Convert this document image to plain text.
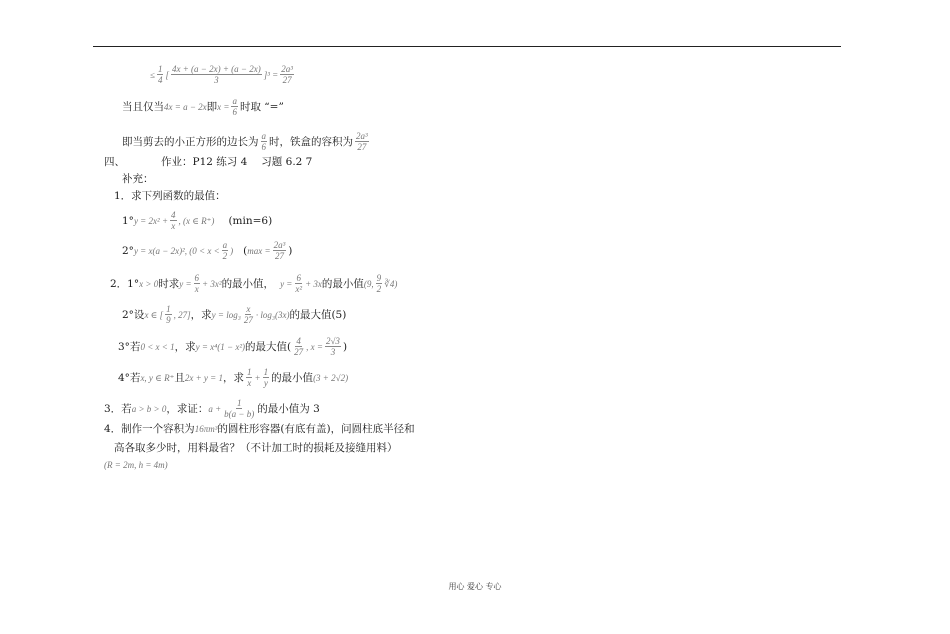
≤ $\frac{1}{4}$ [ $\frac{4x + (a - 2x) + (a - 2x)}{3} ]^3 = \frac{\text{2a³}}{27}$
当且仅当 4x = a − 2x 即 $x = \frac{a}{6}$ 时取 “=”
即当剪去的小正方形的边长为 $\frac{a}{6}$ 时，铁盒的容积为 $\frac{\text{2a³}}{27}$
四、	作业：P12 练习 4 习题 6.2 7
补充：
1．求下列函数的最值：
1° $y = 2x^2 + \frac{4}{x}$ , (x ∈ R⁺) (min=6)
2° y = x(a − 2x)², ($0 < x < \frac{a}{2}$ ) ( $\max = \frac{\text{2a³}}{27}$ )
2．1° x > 0 时求 $y = \frac{6}{x} + 3x^2$ 的最小值， $y = \frac{6}{\text{x²}} + 3x$ 的最小值 (9, $\frac{9}{2}$ ∛4)
2°设 x ∈ [ $\frac{1}{9}$ , 27] ，求 $y = \log_3 \frac{x}{27} \cdot \log_3(3x)$ 的最大值(5)
3°若 0 < x < 1 ，求 y = x⁴(1 − x²) 的最大值( $\frac{4}{27}$ , $x = \frac{2√3}{3}$ )
4°若 x, y ∈ R⁺ 且 2x + y = 1 ，求 $\frac{1}{x} + \frac{1}{y}$ 的最小值 (3 + 2√2)
3．若 a > b > 0 ，求证： $a + \frac{1}{b(a - b)}$ 的最小值为 3
4．制作一个容积为 16πm³ 的圆柱形容器(有底有盖)，问圆柱底半径和
高各取多少时，用料最省？（不计加工时的损耗及接缝用料）
(R = 2m, h = 4m)
用心 爱心 专心
